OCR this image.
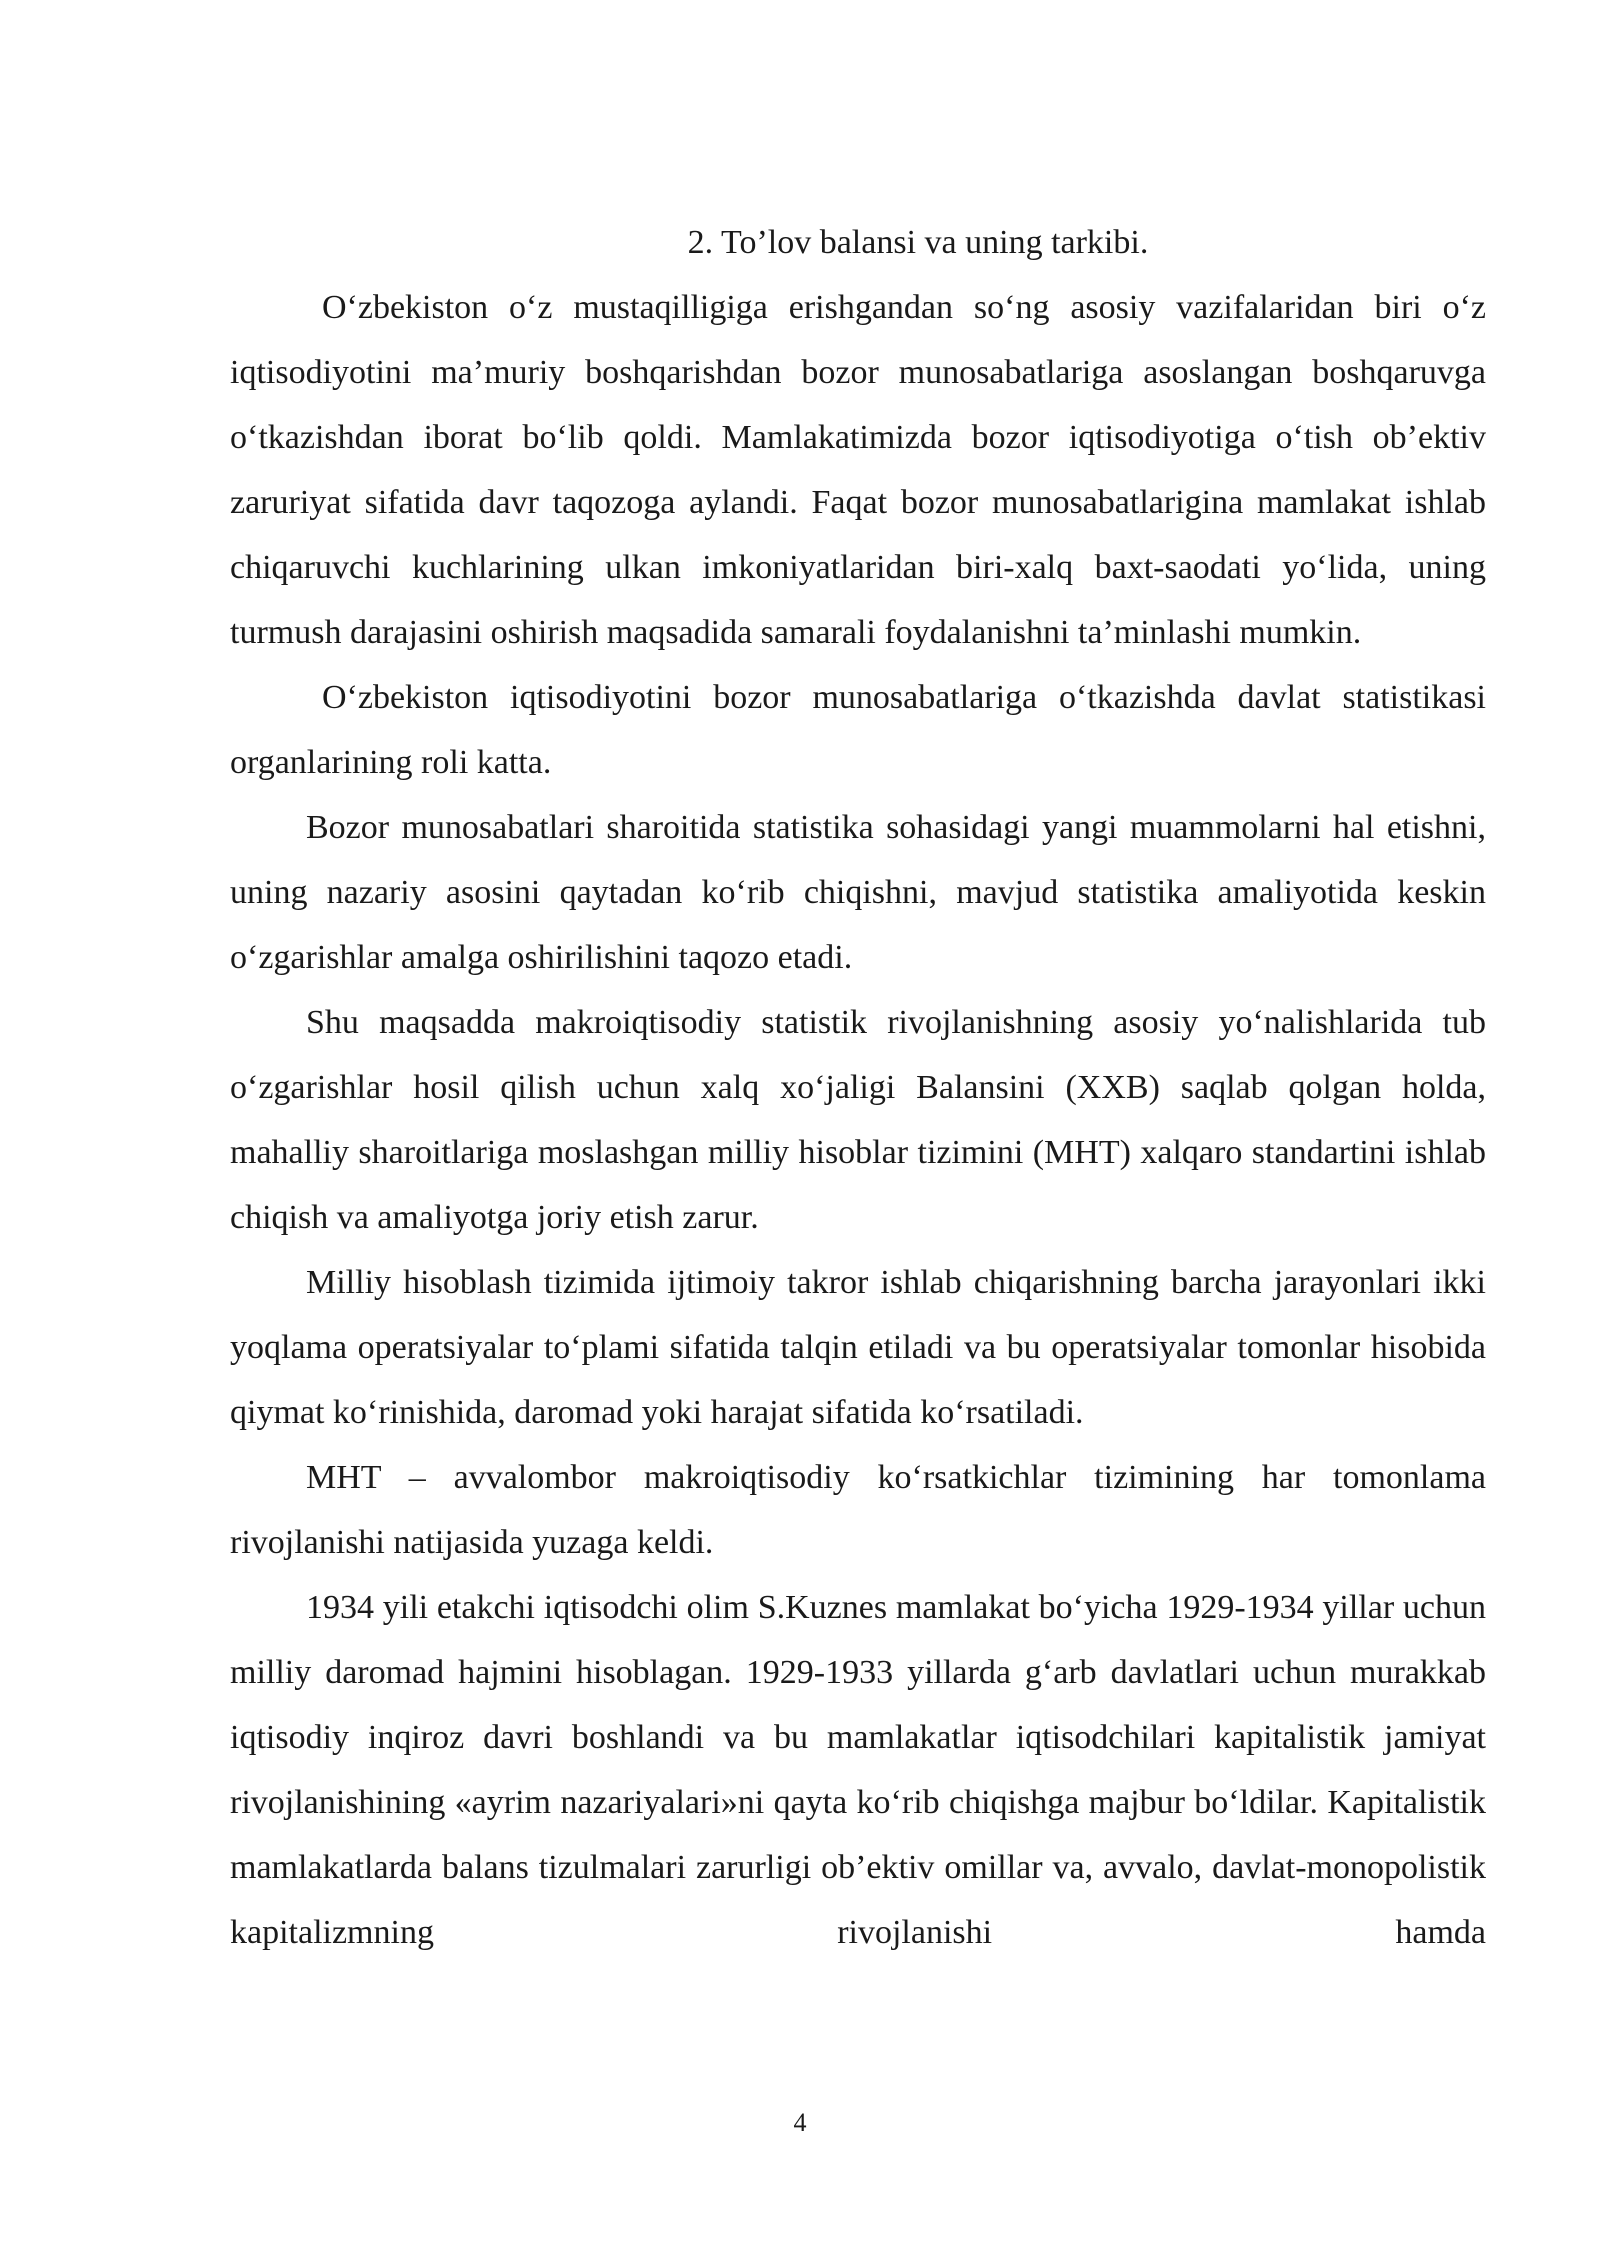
2. To’lov balansi va uning tarkibi.

O‘zbekiston o‘z mustaqilligiga erishgandan so‘ng asosiy vazifalaridan biri o‘z iqtisodiyotini ma’muriy boshqarishdan bozor munosabatlariga asoslangan boshqaruvga o‘tkazishdan iborat bo‘lib qoldi. Mamlakatimizda bozor iqtisodiyotiga o‘tish ob’ektiv zaruriyat sifatida davr taqozoga aylandi. Faqat bozor munosabatlarigina mamlakat ishlab chiqaruvchi kuchlarining ulkan imkoniyatlaridan biri-xalq baxt-saodati yo‘lida, uning turmush darajasini oshirish maqsadida samarali foydalanishni ta’minlashi mumkin.

O‘zbekiston iqtisodiyotini bozor munosabatlariga o‘tkazishda davlat statistikasi organlarining roli katta.

Bozor munosabatlari sharoitida statistika sohasidagi yangi muammolarni hal etishni, uning nazariy asosini qaytadan ko‘rib chiqishni, mavjud statistika amaliyotida keskin o‘zgarishlar amalga oshirilishini taqozo etadi.

Shu maqsadda makroiqtisodiy statistik rivojlanishning asosiy yo‘nalishlarida tub o‘zgarishlar hosil qilish uchun xalq xo‘jaligi Balansini (XXB) saqlab qolgan holda, mahalliy sharoitlariga moslashgan milliy hisoblar tizimini (MHT) xalqaro standartini ishlab chiqish va amaliyotga joriy etish zarur.

Milliy hisoblash tizimida ijtimoiy takror ishlab chiqarishning barcha jarayonlari ikki yoqlama operatsiyalar to‘plami sifatida talqin etiladi va bu operatsiyalar tomonlar hisobida qiymat ko‘rinishida, daromad yoki harajat sifatida ko‘rsatiladi.

MHT – avvalombor makroiqtisodiy ko‘rsatkichlar tizimining har tomonlama rivojlanishi natijasida yuzaga keldi.

1934 yili etakchi iqtisodchi olim S.Kuznes mamlakat bo‘yicha 1929-1934 yillar uchun milliy daromad hajmini hisoblagan. 1929-1933 yillarda g‘arb davlatlari uchun murakkab iqtisodiy inqiroz davri boshlandi va bu mamlakatlar iqtisodchilari kapitalistik jamiyat rivojlanishining «ayrim nazariyalari»ni qayta ko‘rib chiqishga majbur bo‘ldilar. Kapitalistik mamlakatlarda balans tizulmalari zarurligi ob’ektiv omillar va, avvalo, davlat-monopolistik kapitalizmning rivojlanishi hamda

4
